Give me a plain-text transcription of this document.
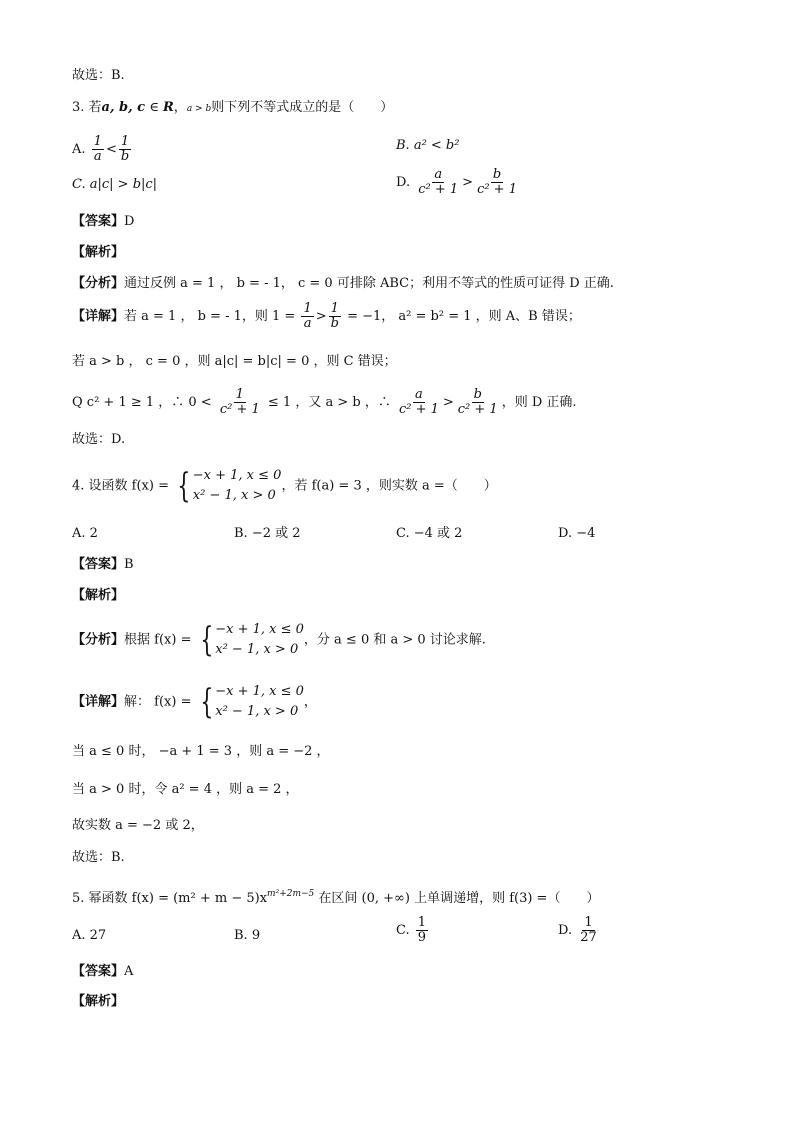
故选：B.
3. 若a, b, c ∈ R，a > b则下列不等式成立的是（　　）
A. $\frac{1}{a} < \frac{1}{b}$	B. a² < b²
C. a|c| > b|c|	D. $\frac{a}{\text{c² + 1}} > \frac{b}{\text{c² + 1}}$
【答案】D
【解析】
【分析】通过反例 a = 1 ， b = - 1， c = 0 可排除 ABC；利用不等式的性质可证得 D 正确.
【详解】若 a = 1 ， b = - 1，则 $1 = \frac{1}{a} > \frac{1}{b} = -1$， a² = b² = 1 ，则 A、B 错误；
若 a > b ， c = 0 ，则 a|c| = b|c| = 0 ，则 C 错误；
Q c² + 1 ≥ 1 ，∴ $0 < \frac{1}{\text{c² + 1}} \le 1$ ，又 a > b ，∴ $\frac{a}{\text{c² + 1}} > \frac{b}{\text{c² + 1}}$ ，则 D 正确.
故选：D.
4. 设函数 f(x) = { −x + 1, x ≤ 0
x² − 1, x > 0
，若 f(a) = 3 ，则实数 a =（　　）
A. 2	B. −2 或 2	C. −4 或 2	D. −4
【答案】B
【解析】
【分析】根据 f(x) = { −x + 1, x ≤ 0
x² − 1, x > 0
，分 a ≤ 0 和 a > 0 讨论求解.
【详解】解： f(x) = { −x + 1, x ≤ 0
x² − 1, x > 0
，
当 a ≤ 0 时， −a + 1 = 3 ，则 a = −2 ，
当 a > 0 时，令 a² = 4 ，则 a = 2 ，
故实数 a = −2 或 2，
故选：B.
5. 幂函数 $f(x) = (m^2 + m - 5)x^{m^2+2m-5}$ 在区间 (0, +∞) 上单调递增，则 f(3) =（　　）
A. 27	B. 9	C. $\frac{1}{9}$	D. $\frac{1}{27}$
【答案】A
【解析】
